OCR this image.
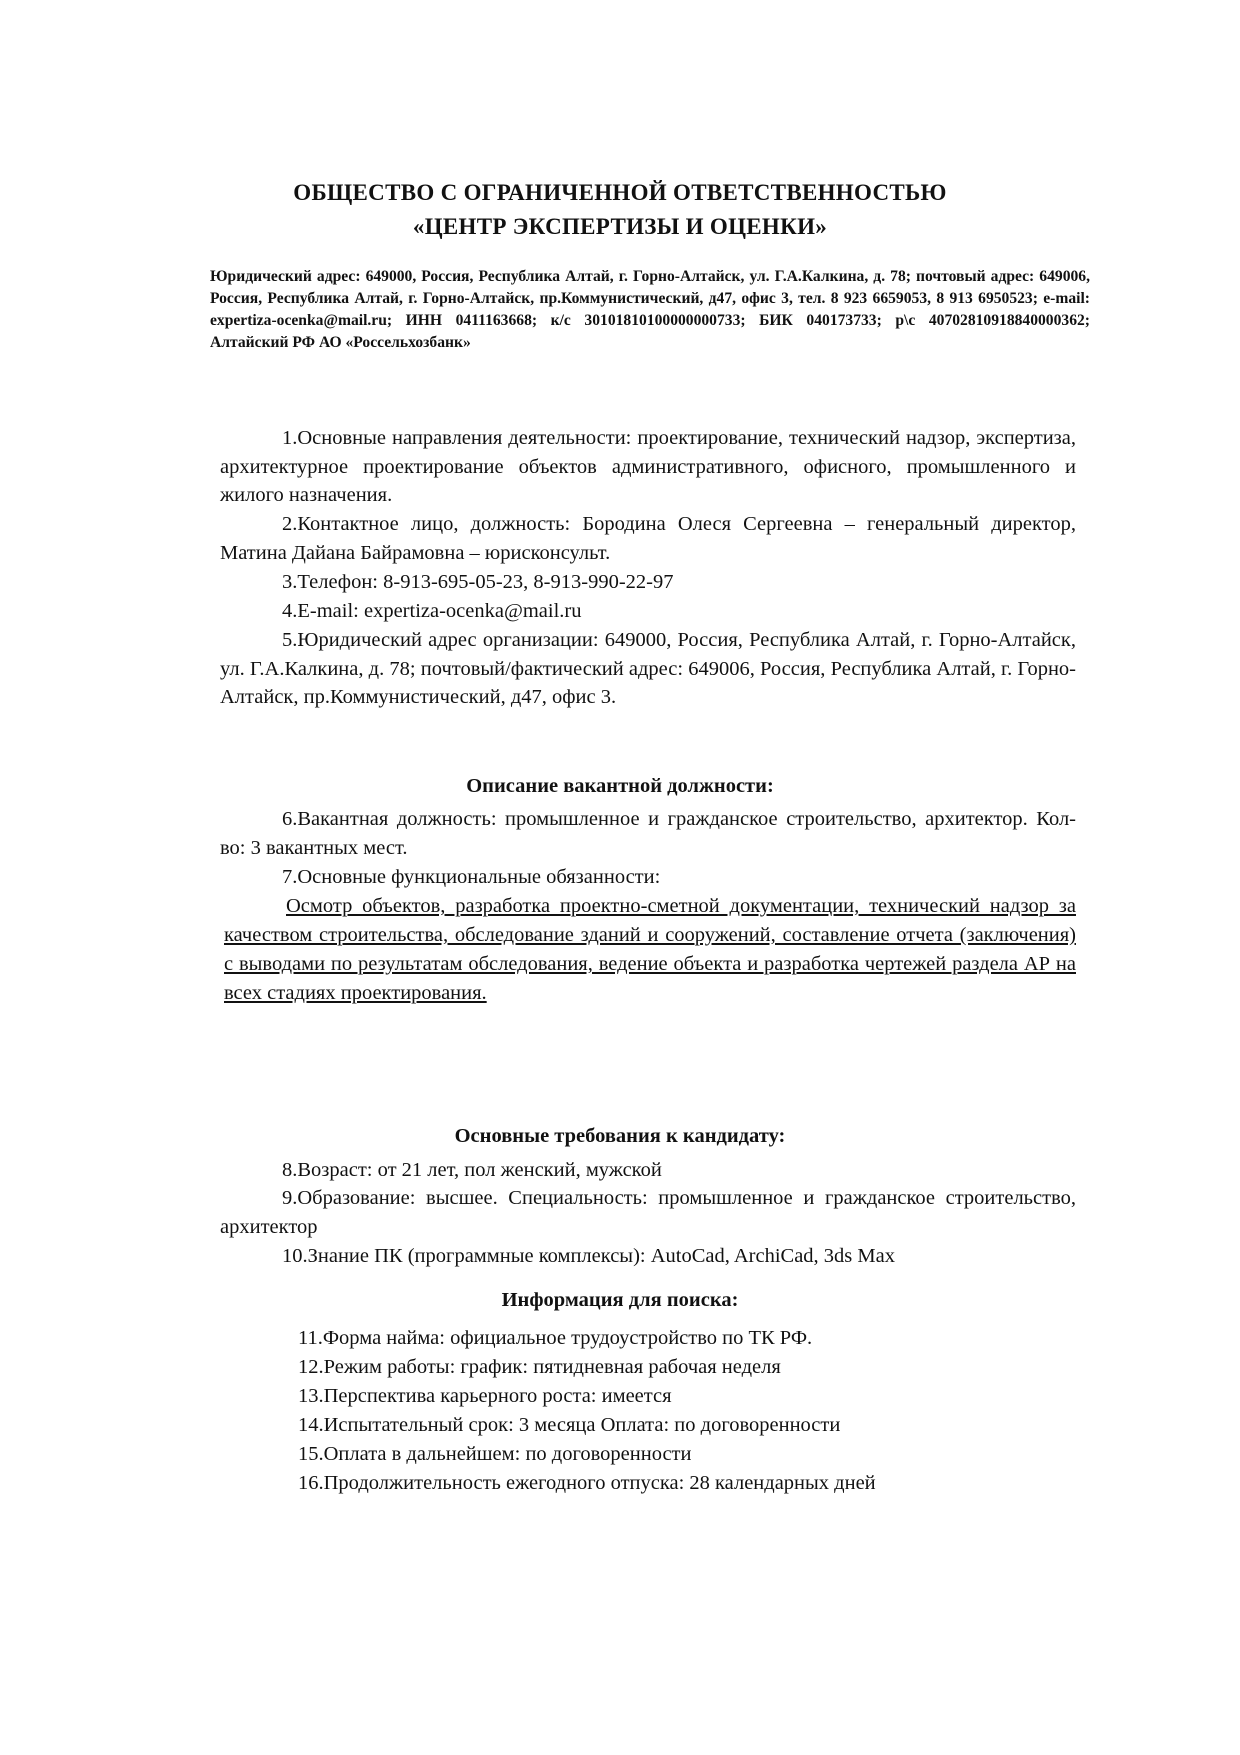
ОБЩЕСТВО С ОГРАНИЧЕННОЙ ОТВЕТСТВЕННОСТЬЮ
«ЦЕНТР ЭКСПЕРТИЗЫ И ОЦЕНКИ»

Юридический адрес: 649000, Россия, Республика Алтай, г. Горно-Алтайск, ул. Г.А.Калкина, д. 78; почтовый адрес: 649006, Россия, Республика Алтай, г. Горно-Алтайск, пр.Коммунистический, д47, офис 3, тел. 8 923 6659053, 8 913 6950523; e-mail: expertiza-ocenka@mail.ru; ИНН 0411163668; к/с 30101810100000000733; БИК 040173733; р\с 40702810918840000362; Алтайский РФ АО «Россельхозбанк»

1.Основные направления деятельности: проектирование, технический надзор, экспертиза, архитектурное проектирование объектов административного, офисного, промышленного и жилого назначения.

2.Контактное лицо, должность: Бородина Олеся Сергеевна – генеральный директор, Матина Дайана Байрамовна – юрисконсульт.

3.Телефон: 8-913-695-05-23, 8-913-990-22-97

4.E-mail: expertiza-ocenka@mail.ru

5.Юридический адрес организации: 649000, Россия, Республика Алтай, г. Горно-Алтайск, ул. Г.А.Калкина, д. 78; почтовый/фактический адрес: 649006, Россия, Республика Алтай, г. Горно-Алтайск, пр.Коммунистический, д47, офис 3.

Описание вакантной должности:

6.Вакантная должность: промышленное и гражданское строительство, архитектор. Кол-во: 3 вакантных мест.

7.Основные функциональные обязанности:

Осмотр объектов, разработка проектно-сметной документации, технический надзор за качеством строительства, обследование зданий и сооружений, составление отчета (заключения) с выводами по результатам обследования, ведение объекта и разработка чертежей раздела АР на всех стадиях проектирования.

Основные требования к кандидату:

8.Возраст: от 21 лет, пол женский, мужской

9.Образование: высшее. Специальность: промышленное и гражданское строительство, архитектор

10.Знание ПК (программные комплексы): AutoCad, ArchiCad, 3ds Max

Информация для поиска:

11.Форма найма: официальное трудоустройство по ТК РФ.

12.Режим работы: график: пятидневная рабочая неделя

13.Перспектива карьерного роста: имеется

14.Испытательный срок: 3 месяца Оплата: по договоренности

15.Оплата в дальнейшем: по договоренности

16.Продолжительность ежегодного отпуска: 28 календарных дней
